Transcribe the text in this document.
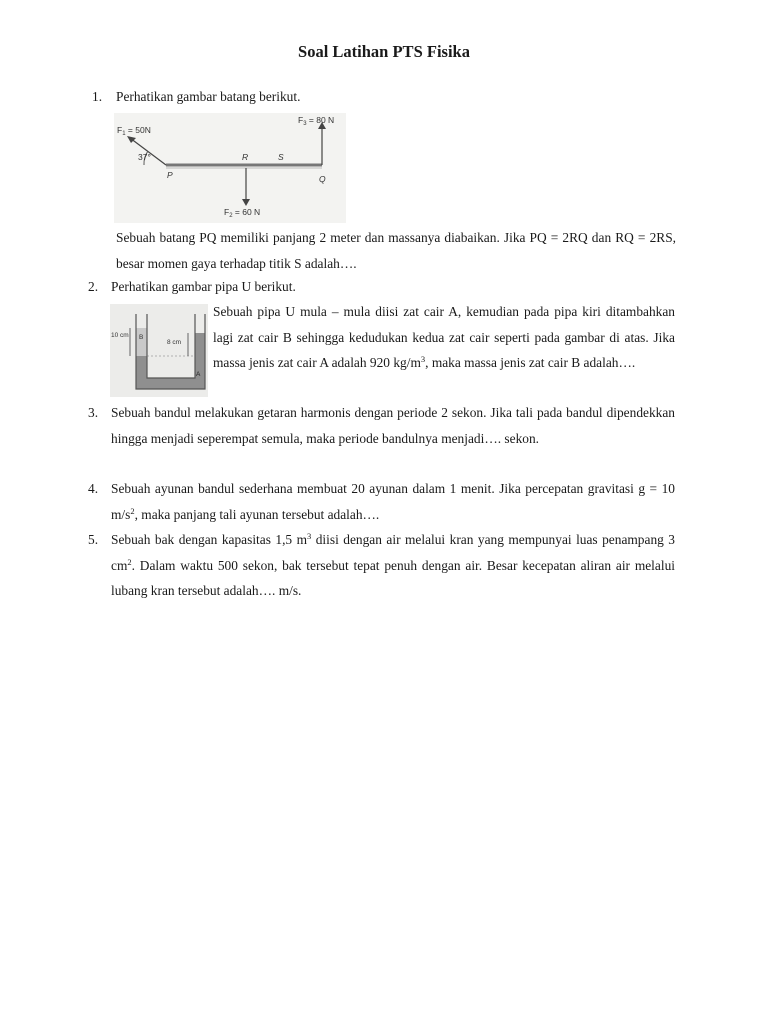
Soal Latihan PTS Fisika
1.	Perhatikan gambar batang berikut.
$F_1 = 50N$
37°
P
R	S
Q
$F_2 = 60$ N
$F_3 = 80$ N
Sebuah batang PQ memiliki panjang 2 meter dan massanya diabaikan. Jika PQ = 2RQ dan RQ = 2RS, besar momen gaya terhadap titik S adalah….
2. Perhatikan gambar pipa U berikut.
10 cm
8 cm
B
A
Sebuah pipa U mula – mula diisi zat cair A, kemudian pada pipa kiri ditambahkan lagi zat cair B sehingga kedudukan kedua zat cair seperti pada gambar di atas. Jika massa jenis zat cair A adalah 920 $kg/m^3$, maka massa jenis zat cair B adalah….
3. Sebuah bandul melakukan getaran harmonis dengan periode 2 sekon. Jika tali pada bandul dipendekkan hingga menjadi seperempat semula, maka periode bandulnya menjadi…. sekon.
4. Sebuah ayunan bandul sederhana membuat 20 ayunan dalam 1 menit. Jika percepatan gravitasi g = 10 $m/s^2$, maka panjang tali ayunan tersebut adalah….
5. Sebuah bak dengan kapasitas 1,5 $m^3$ diisi dengan air melalui kran yang mempunyai luas penampang 3 $cm^2$. Dalam waktu 500 sekon, bak tersebut tepat penuh dengan air. Besar kecepatan aliran air melalui lubang kran tersebut adalah…. m/s.
